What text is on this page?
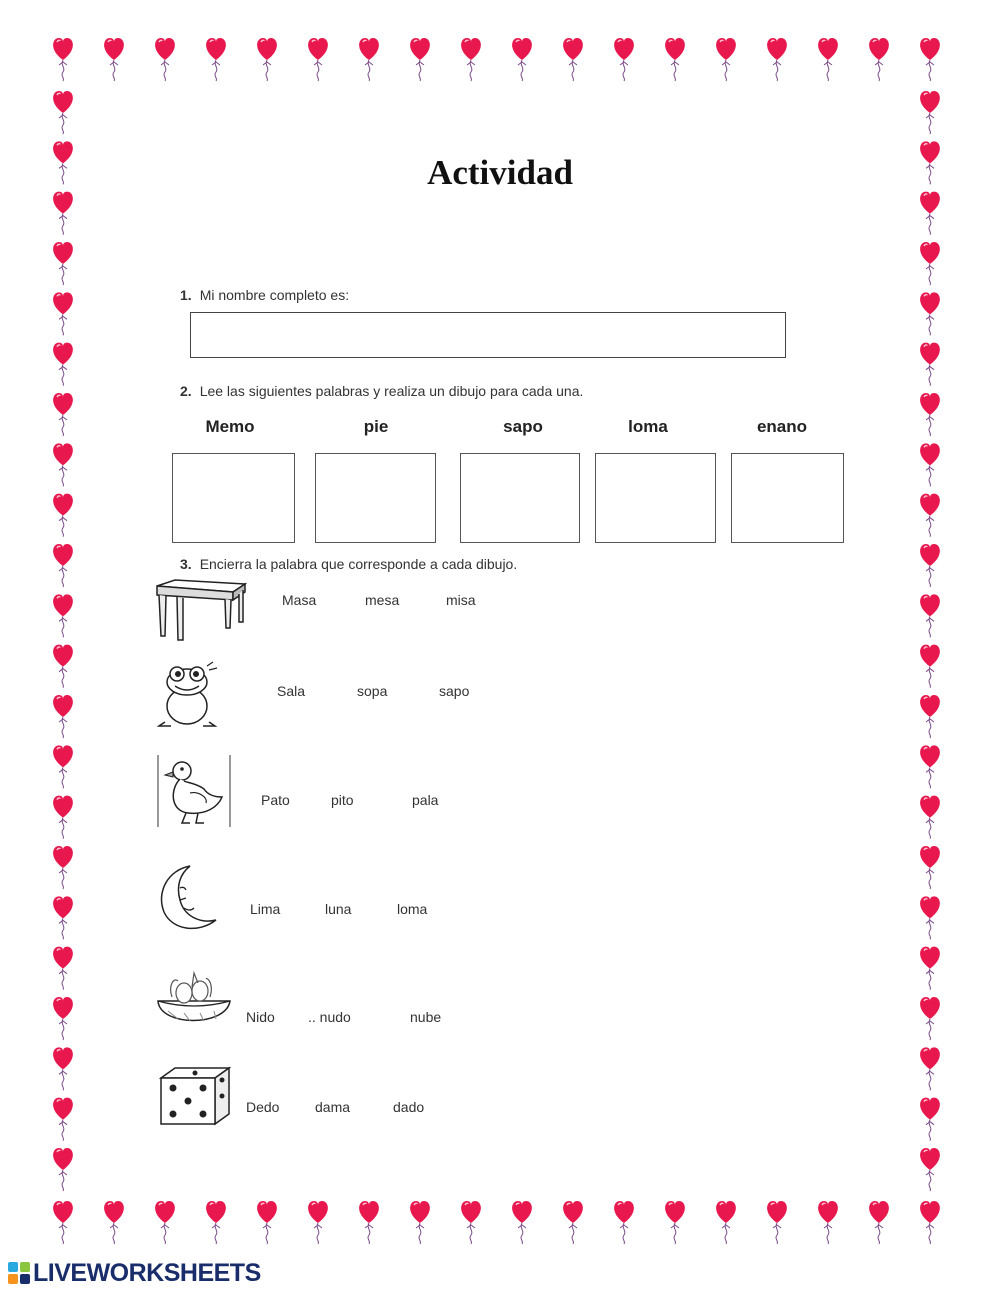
Actividad
1. Mi nombre completo es:
2. Lee las siguientes palabras y realiza un dibujo para cada una.
Memo	pie	sapo	loma	enano
3. Encierra la palabra que corresponde a cada dibujo.
Masa	mesa	misa
Sala	sopa	sapo
Pato	pito	pala
Lima	luna	loma
Nido .. nudo	nube
Dedo	dama	dado
LIVEWORKSHEETS
